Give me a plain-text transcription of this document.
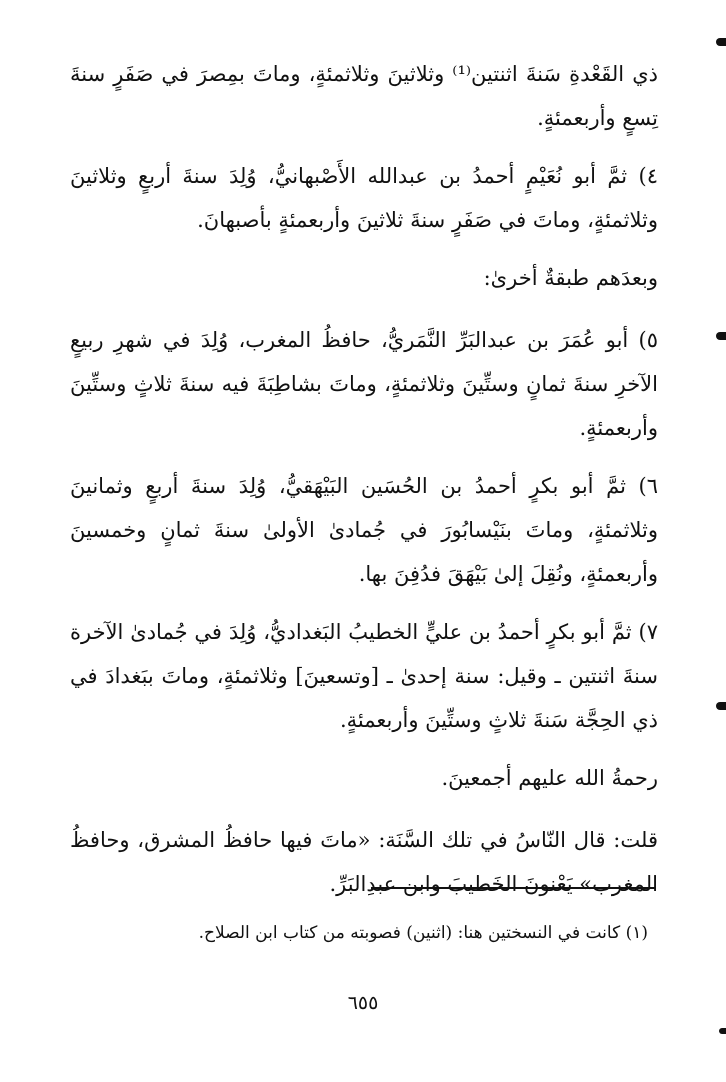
ذي القَعْدةِ سَنةَ اثنتين⁽¹⁾ وثلاثينَ وثلاثمئةٍ، وماتَ بمِصرَ في صَفَرٍ سنةَ تِسعٍ وأربعمئةٍ.

٤) ثمَّ أبو نُعَيْمٍ أحمدُ بن عبدالله الأَصْبهانيُّ، وُلِدَ سنةَ أربعٍ وثلاثينَ وثلاثمئةٍ، وماتَ في صَفَرٍ سنةَ ثلاثينَ وأربعمئةٍ بأصبهانَ.

وبعدَهم طبقةٌ أخرىٰ:

٥) أبو عُمَرَ بن عبدالبَرِّ النَّمَريُّ، حافظُ المغرب، وُلِدَ في شهرِ ربيعٍ الآخرِ سنةَ ثمانٍ وستِّينَ وثلاثمئةٍ، وماتَ بشاطِبَةَ فيه سنةَ ثلاثٍ وستِّينَ وأربعمئةٍ.

٦) ثمَّ أبو بكرٍ أحمدُ بن الحُسَين البَيْهَقيُّ، وُلِدَ سنةَ أربعٍ وثمانينَ وثلاثمئةٍ، وماتَ بنَيْسابُورَ في جُمادىٰ الأولىٰ سنةَ ثمانٍ وخمسينَ وأربعمئةٍ، ونُقِلَ إلىٰ بَيْهَقَ فدُفِنَ بها.

٧) ثمَّ أبو بكرٍ أحمدُ بن عليٍّ الخطيبُ البَغداديُّ، وُلِدَ في جُمادىٰ الآخرة سنةَ اثنتين ـ وقيل: سنة إحدىٰ ـ [وتسعينَ] وثلاثمئةٍ، وماتَ ببَغدادَ في ذي الحِجَّة سَنةَ ثلاثٍ وستِّينَ وأربعمئةٍ.

رحمةُ الله عليهم أجمعينَ.

قلت: قال النّاسُ في تلك السَّنَة: «ماتَ فيها حافظُ المشرق، وحافظُ المغرب» يَعْنونَ الخَطيبَ وابن عبدِالبَرِّ.

(١) كانت في النسختين هنا: (اثنين) فصوبته من كتاب ابن الصلاح.
٦٥٥
